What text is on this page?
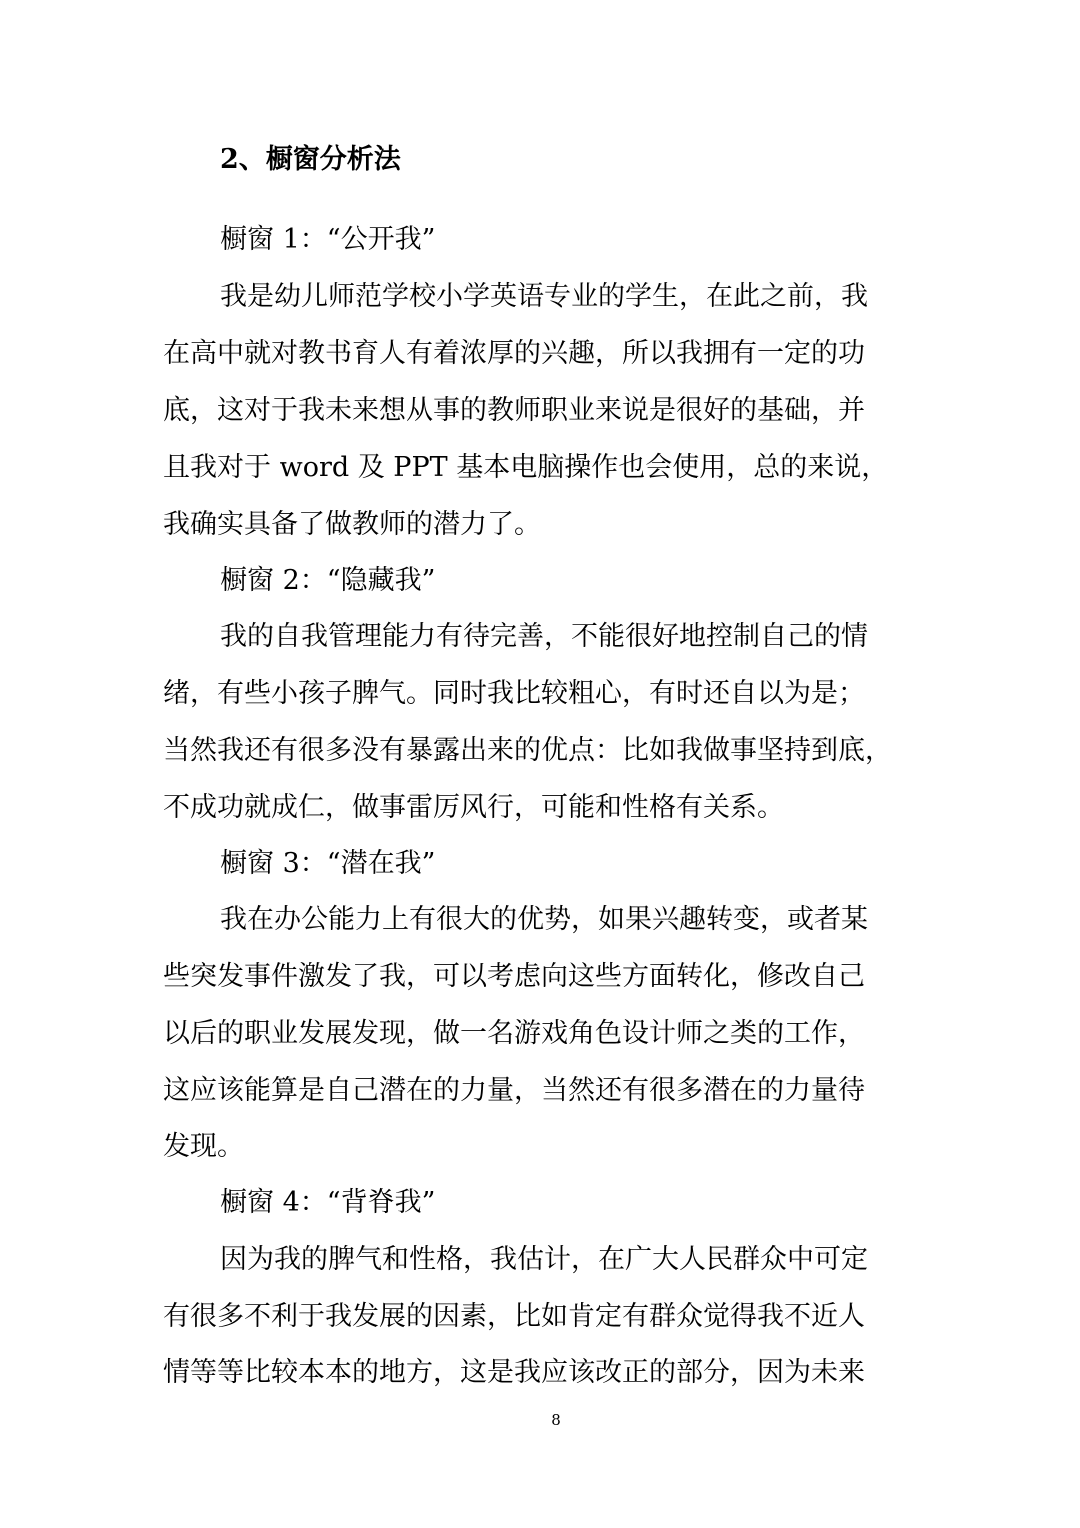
2、橱窗分析法
橱窗 1：“公开我”
我是幼儿师范学校小学英语专业的学生，在此之前，我
在高中就对教书育人有着浓厚的兴趣，所以我拥有一定的功
底，这对于我未来想从事的教师职业来说是很好的基础，并
且我对于 word 及 PPT 基本电脑操作也会使用，总的来说，
我确实具备了做教师的潜力了。
橱窗 2：“隐藏我”
我的自我管理能力有待完善，不能很好地控制自己的情
绪，有些小孩子脾气。同时我比较粗心，有时还自以为是；
当然我还有很多没有暴露出来的优点：比如我做事坚持到底，
不成功就成仁，做事雷厉风行，可能和性格有关系。
橱窗 3：“潜在我”
我在办公能力上有很大的优势，如果兴趣转变，或者某
些突发事件激发了我，可以考虑向这些方面转化，修改自己
以后的职业发展发现，做一名游戏角色设计师之类的工作，
这应该能算是自己潜在的力量，当然还有很多潜在的力量待
发现。
橱窗 4：“背脊我”
因为我的脾气和性格，我估计，在广大人民群众中可定
有很多不利于我发展的因素，比如肯定有群众觉得我不近人
情等等比较本本的地方，这是我应该改正的部分，因为未来
8
